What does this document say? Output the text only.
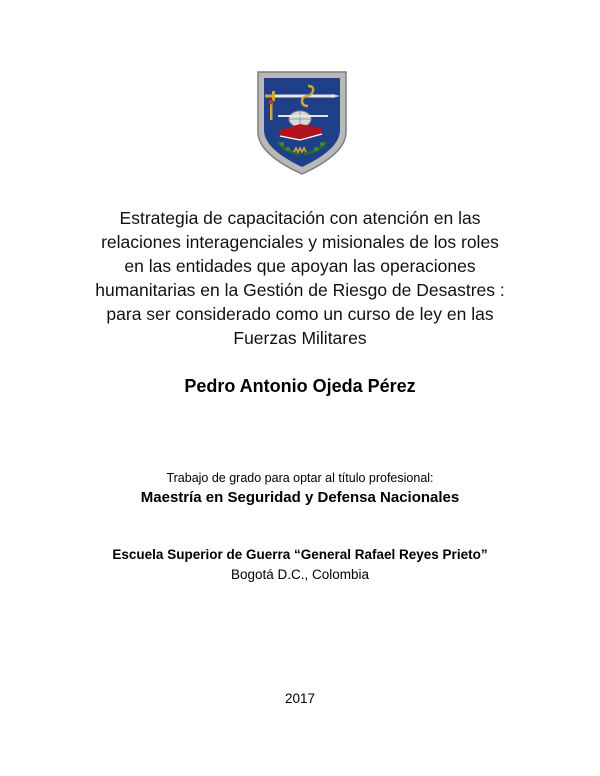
Estrategia de capacitación con atención en las
relaciones interagenciales y misionales de los roles
en las entidades que apoyan las operaciones
humanitarias en la Gestión de Riesgo de Desastres :
para ser considerado como un curso de ley en las
Fuerzas Militares
Pedro Antonio Ojeda Pérez
Trabajo de grado para optar al título profesional:
Maestría en Seguridad y Defensa Nacionales
Escuela Superior de Guerra “General Rafael Reyes Prieto”
Bogotá D.C., Colombia
2017
